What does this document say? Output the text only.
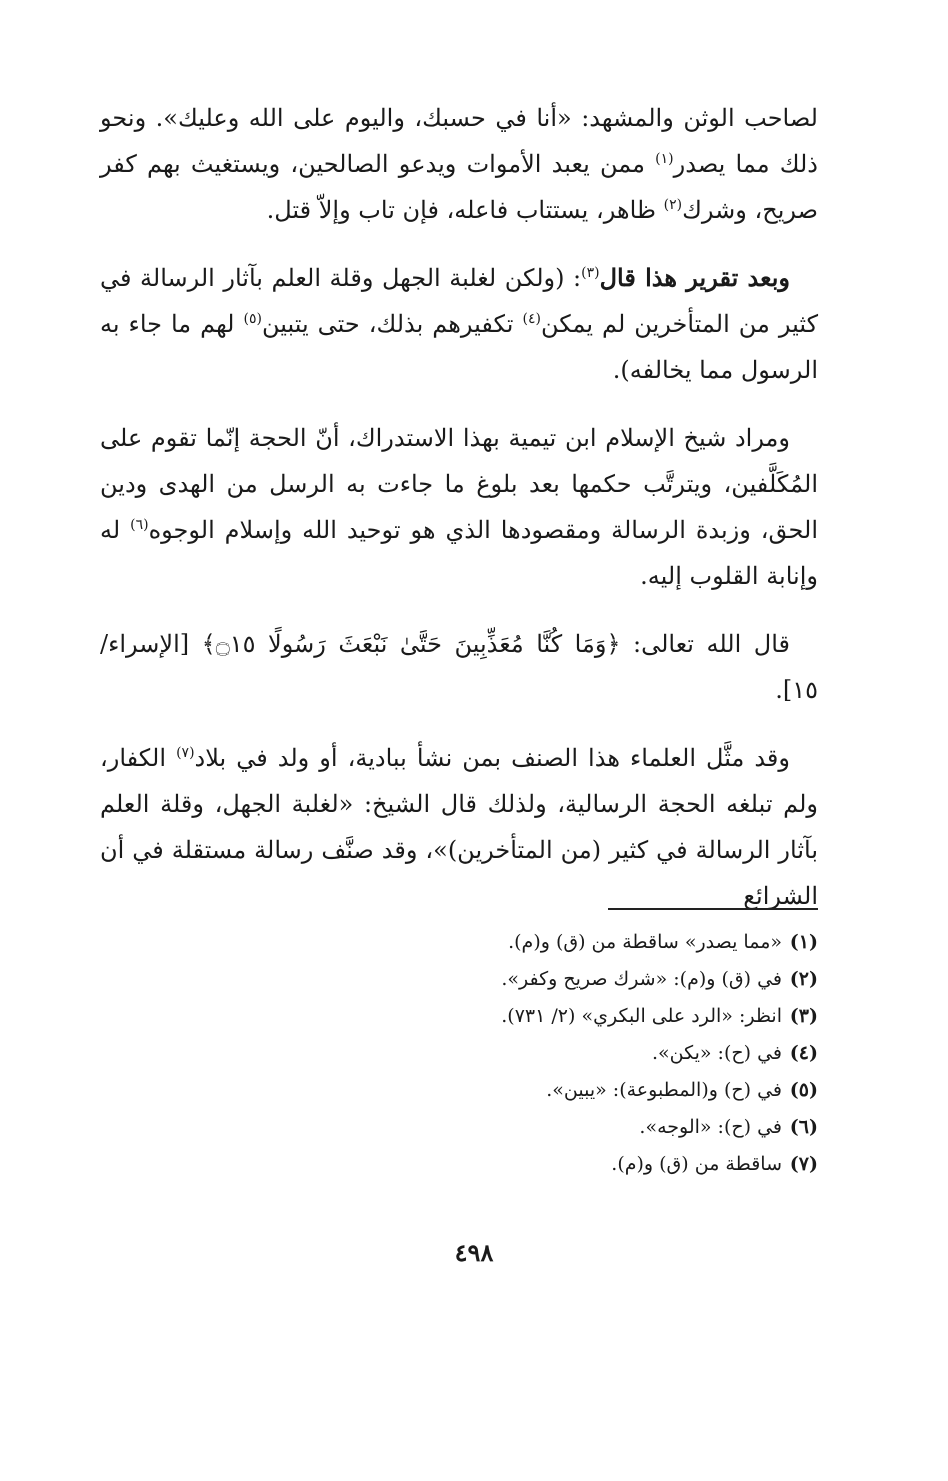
لصاحب الوثن والمشهد: «أنا في حسبك، واليوم على الله وعليك». ونحو ذلك مما يصدر$^{(١)}$ ممن يعبد الأموات ويدعو الصالحين، ويستغيث بهم كفر صريح، وشرك$^{(٢)}$ ظاهر، يستتاب فاعله، فإن تاب وإلاّ قتل.

وبعد تقرير هذا قال$^{(٣)}$: (ولكن لغلبة الجهل وقلة العلم بآثار الرسالة في كثير من المتأخرين لم يمكن$^{(٤)}$ تكفيرهم بذلك، حتى يتبين$^{(٥)}$ لهم ما جاء به الرسول مما يخالفه).

ومراد شيخ الإسلام ابن تيمية بهذا الاستدراك، أنّ الحجة إنّما تقوم على المُكَلَّفين، ويترتَّب حكمها بعد بلوغ ما جاءت به الرسل من الهدى ودين الحق، وزبدة الرسالة ومقصودها الذي هو توحيد الله وإسلام الوجوه$^{(٦)}$ له وإنابة القلوب إليه.

قال الله تعالى: ﴿وَمَا كُنَّا مُعَذِّبِينَ حَتَّىٰ نَبْعَثَ رَسُولًا ۝١٥﴾ [الإسراء/ ١٥].

وقد مثَّل العلماء هذا الصنف بمن نشأ ببادية، أو ولد في بلاد$^{(٧)}$ الكفار، ولم تبلغه الحجة الرسالية، ولذلك قال الشيخ: «لغلبة الجهل، وقلة العلم بآثار الرسالة في كثير (من المتأخرين)»، وقد صنَّف رسالة مستقلة في أن الشرائع

(١)«مما يصدر» ساقطة من (ق) و(م).
(٢)في (ق) و(م): «شرك صريح وكفر».
(٣)انظر: «الرد على البكري» (٢/ ٧٣١).
(٤)في (ح): «يكن».
(٥)في (ح) و(المطبوعة): «يبين».
(٦)في (ح): «الوجه».
(٧)ساقطة من (ق) و(م).
٤٩٨
